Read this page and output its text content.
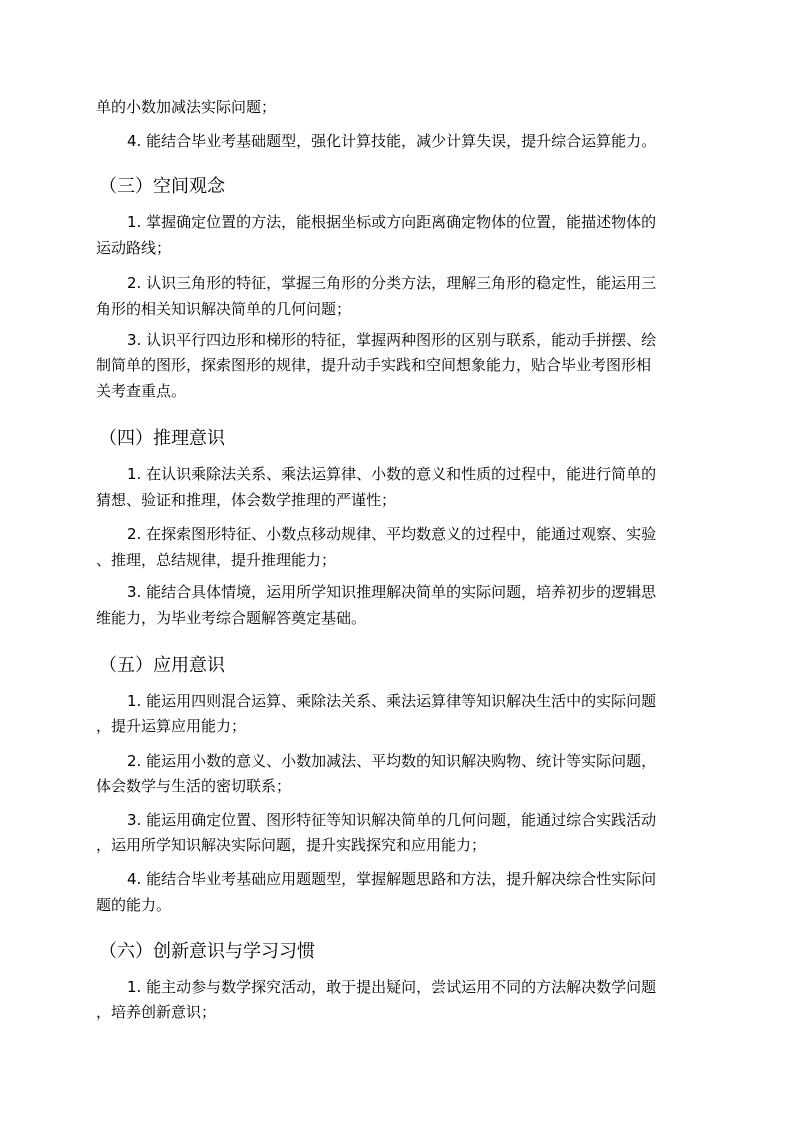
单的小数加减法实际问题；
4. 能结合毕业考基础题型，强化计算技能，减少计算失误，提升综合运算能力。
（三）空间观念
1. 掌握确定位置的方法，能根据坐标或方向距离确定物体的位置，能描述物体的
运动路线；
2. 认识三角形的特征，掌握三角形的分类方法，理解三角形的稳定性，能运用三
角形的相关知识解决简单的几何问题；
3. 认识平行四边形和梯形的特征，掌握两种图形的区别与联系，能动手拼摆、绘
制简单的图形，探索图形的规律，提升动手实践和空间想象能力，贴合毕业考图形相
关考查重点。
（四）推理意识
1. 在认识乘除法关系、乘法运算律、小数的意义和性质的过程中，能进行简单的
猜想、验证和推理，体会数学推理的严谨性；
2. 在探索图形特征、小数点移动规律、平均数意义的过程中，能通过观察、实验
、推理，总结规律，提升推理能力；
3. 能结合具体情境，运用所学知识推理解决简单的实际问题，培养初步的逻辑思
维能力，为毕业考综合题解答奠定基础。
（五）应用意识
1. 能运用四则混合运算、乘除法关系、乘法运算律等知识解决生活中的实际问题
，提升运算应用能力；
2. 能运用小数的意义、小数加减法、平均数的知识解决购物、统计等实际问题，
体会数学与生活的密切联系；
3. 能运用确定位置、图形特征等知识解决简单的几何问题，能通过综合实践活动
，运用所学知识解决实际问题，提升实践探究和应用能力；
4. 能结合毕业考基础应用题题型，掌握解题思路和方法，提升解决综合性实际问
题的能力。
（六）创新意识与学习习惯
1. 能主动参与数学探究活动，敢于提出疑问，尝试运用不同的方法解决数学问题
，培养创新意识；
